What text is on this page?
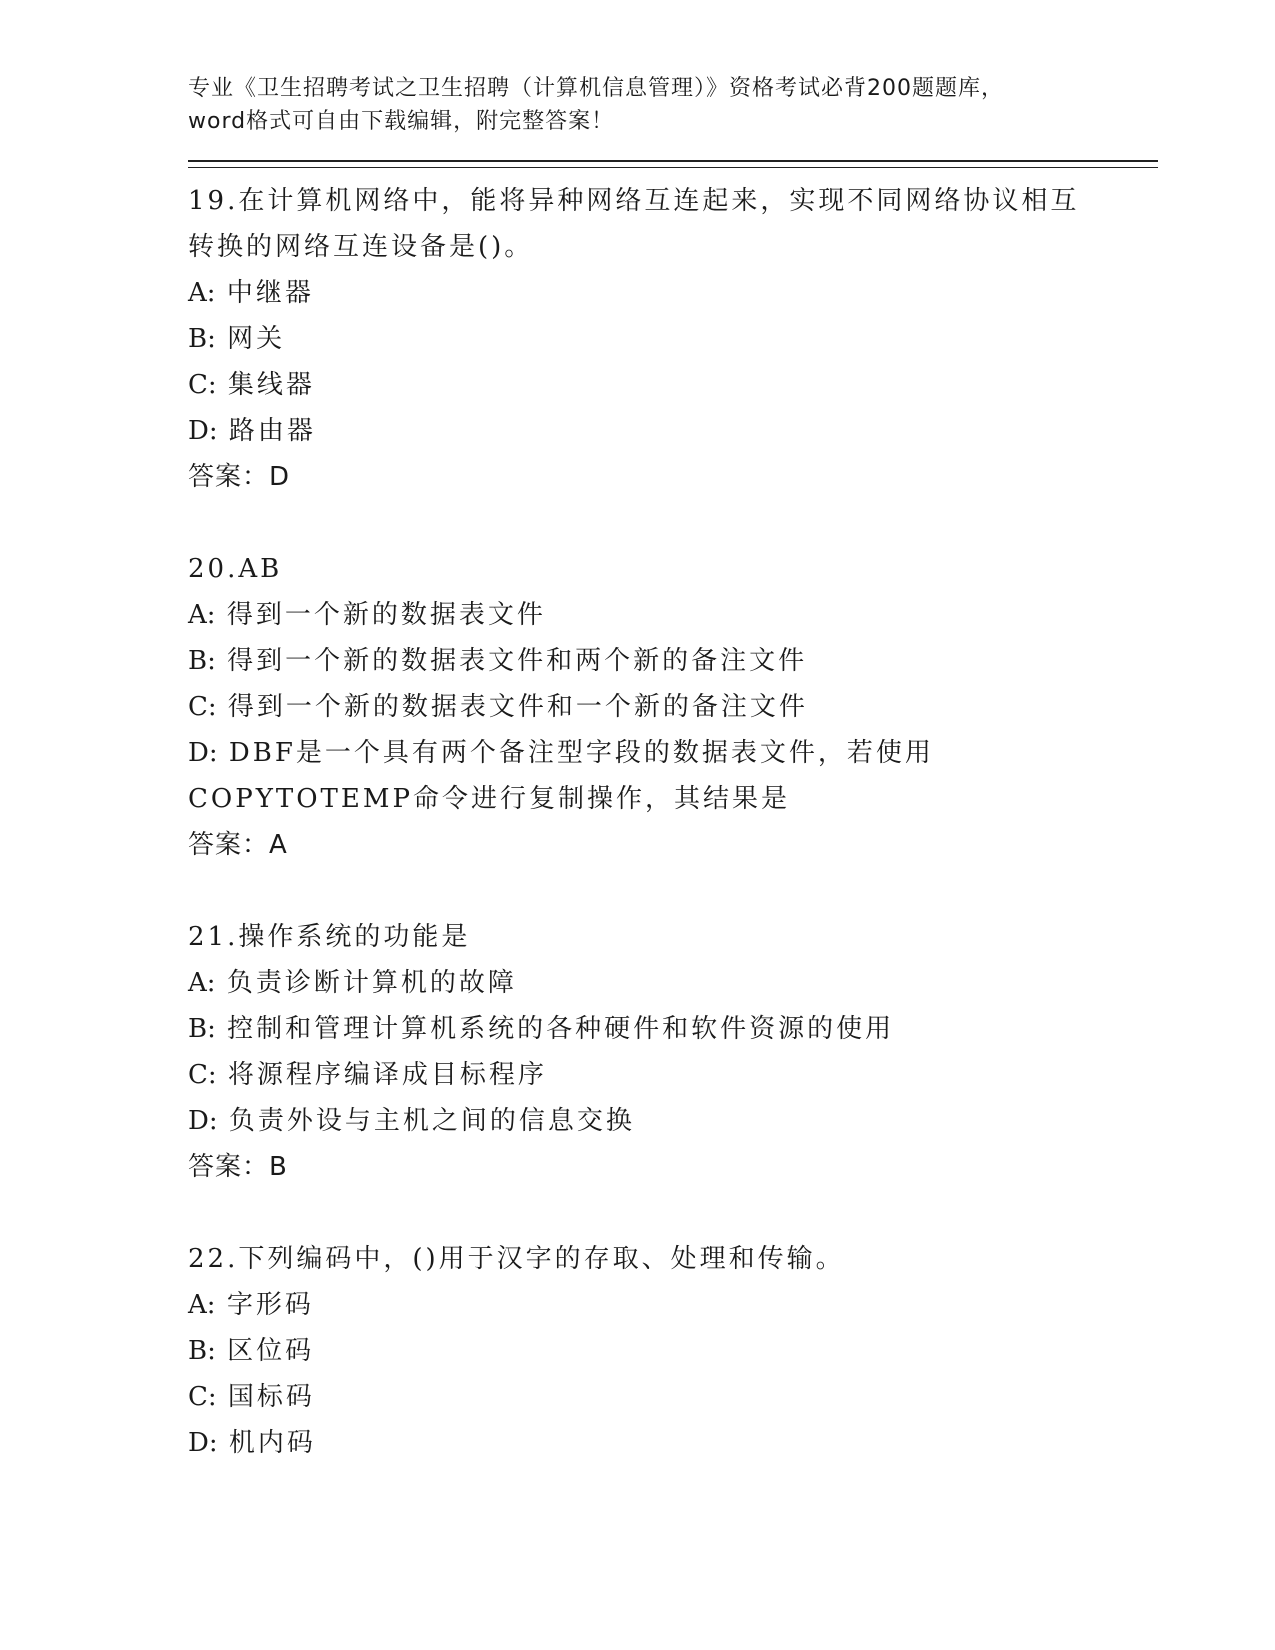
专业《卫生招聘考试之卫生招聘（计算机信息管理）》资格考试必背200题题库，
word格式可自由下载编辑，附完整答案！

19.在计算机网络中，能将异种网络互连起来，实现不同网络协议相互转换的网络互连设备是()。

A: 中继器

B: 网关

C: 集线器

D: 路由器

答案：D

20.AB

A: 得到一个新的数据表文件

B: 得到一个新的数据表文件和两个新的备注文件

C: 得到一个新的数据表文件和一个新的备注文件

D: DBF是一个具有两个备注型字段的数据表文件，若使用COPYTOTEMP命令进行复制操作，其结果是

答案：A

21.操作系统的功能是

A: 负责诊断计算机的故障

B: 控制和管理计算机系统的各种硬件和软件资源的使用

C: 将源程序编译成目标程序

D: 负责外设与主机之间的信息交换

答案：B

22.下列编码中，()用于汉字的存取、处理和传输。

A: 字形码

B: 区位码

C: 国标码

D: 机内码
